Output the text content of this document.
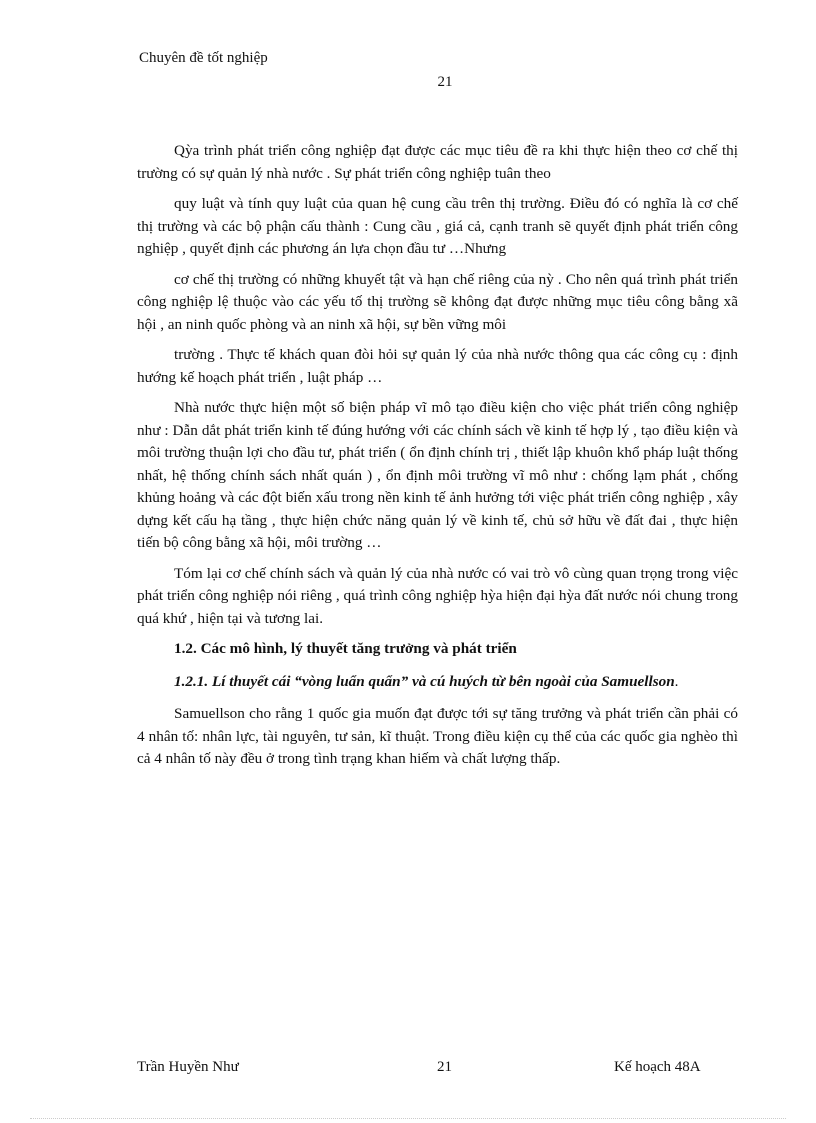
Chuyên đề tốt nghiệp
21

Qỳa trình phát triển công nghiệp đạt được các mục tiêu đề ra khi thực hiện theo cơ chế thị trường có sự quản lý nhà nước . Sự phát triển công nghiệp tuân theo

quy luật và tính quy luật của quan hệ cung cầu trên thị trường. Điều đó có nghĩa là cơ chế thị trường và các bộ phận cấu thành : Cung cầu , giá cả, cạnh tranh sẽ quyết định phát triển công nghiệp , quyết định các phương án lựa chọn đầu tư …Nhưng

cơ chế thị trường có những khuyết tật và hạn chế riêng của nỳ . Cho nên quá trình phát triển công nghiệp lệ thuộc vào các yếu tố thị trường sẽ không đạt được những mục tiêu công bằng xã hội , an ninh quốc phòng và an ninh xã hội, sự bền vững môi

trường . Thực tế khách quan đòi hỏi sự quản lý của nhà nước thông qua các công cụ : định hướng kế hoạch phát triển , luật pháp …

Nhà nước thực hiện một số biện pháp vĩ mô tạo điều kiện cho việc phát triển công nghiệp như : Dẫn dắt phát triển kinh tế đúng hướng với các chính sách về kinh tế hợp lý , tạo điều kiện và môi trường thuận lợi cho đầu tư, phát triển ( ổn định chính trị , thiết lập khuôn khổ pháp luật thống nhất, hệ thống chính sách nhất quán ) , ổn định môi trường vĩ mô như : chống lạm phát , chống khủng hoảng và các đột biến xấu trong nền kinh tế ảnh hưởng tới việc phát triển công nghiệp , xây dựng kết cấu hạ tầng , thực hiện chức năng quản lý về kinh tế, chủ sở hữu về đất đai , thực hiện tiến bộ công bằng xã hội, môi trường …

Tóm lại cơ chế chính sách và quản lý của nhà nước có vai trò vô cùng quan trọng trong việc phát triển công nghiệp nói riêng , quá trình công nghiệp hỳa hiện đại hỳa đất nước nói chung trong quá khứ , hiện tại và tương lai.

1.2. Các mô hình, lý thuyết tăng trưởng và phát triển
1.2.1. Lí thuyết cái “vòng luẩn quẩn” và cú huých từ bên ngoài của Samuellson.

Samuellson cho rằng 1 quốc gia muốn đạt được tới sự tăng trưởng và phát triển cần phải có 4 nhân tố: nhân lực, tài nguyên, tư sản, kĩ thuật. Trong điều kiện cụ thể của các quốc gia nghèo thì cả 4 nhân tố này đều ở trong tình trạng khan hiếm và chất lượng thấp.

Trần Huyền Như	21	Kế hoạch 48A
